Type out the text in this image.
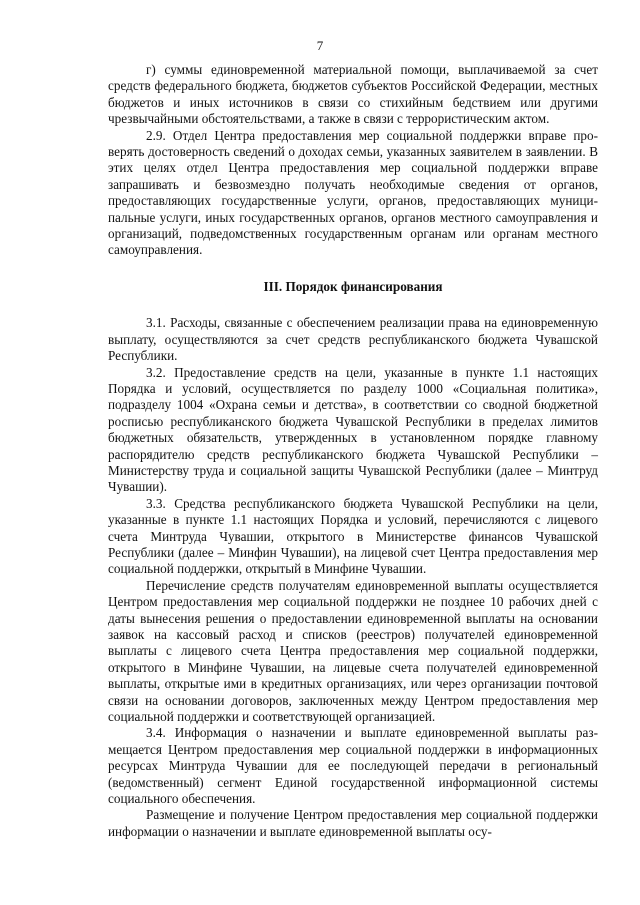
7

г) суммы единовременной материальной помощи, выплачиваемой за счет средств федерального бюджета, бюджетов субъектов Российской Федерации, местных бюджетов и иных источников в связи со стихийным бедствием или другими чрезвычайными обстоятельствами, а также в связи с террористическим актом.

2.9. Отдел Центра предоставления мер социальной поддержки вправе проверять достоверность сведений о доходах семьи, указанных заявителем в заявлении. В этих целях отдел Центра предоставления мер социальной поддержки вправе запрашивать и безвозмездно получать необходимые сведения от органов, предоставляющих государственные услуги, органов, предоставляющих муниципальные услуги, иных государственных органов, органов местного самоуправления и организаций, подведомственных государственным органам или органам местного самоуправления.

III. Порядок финансирования

3.1. Расходы, связанные с обеспечением реализации права на единовременную выплату, осуществляются за счет средств республиканского бюджета Чувашской Республики.

3.2. Предоставление средств на цели, указанные в пункте 1.1 настоящих Порядка и условий, осуществляется по разделу 1000 «Социальная политика», подразделу 1004 «Охрана семьи и детства», в соответствии со сводной бюджетной росписью республиканского бюджета Чувашской Республики в пределах лимитов бюджетных обязательств, утвержденных в установленном порядке главному распорядителю средств республиканского бюджета Чувашской Республики – Министерству труда и социальной защиты Чувашской Республики (далее – Минтруд Чувашии).

3.3. Средства республиканского бюджета Чувашской Республики на цели, указанные в пункте 1.1 настоящих Порядка и условий, перечисляются с лицевого счета Минтруда Чувашии, открытого в Министерстве финансов Чувашской Республики (далее – Минфин Чувашии), на лицевой счет Центра предоставления мер социальной поддержки, открытый в Минфине Чувашии.

Перечисление средств получателям единовременной выплаты осуществляется Центром предоставления мер социальной поддержки не позднее 10 рабочих дней с даты вынесения решения о предоставлении единовременной выплаты на основании заявок на кассовый расход и списков (реестров) получателей единовременной выплаты с лицевого счета Центра предоставления мер социальной поддержки, открытого в Минфине Чувашии, на лицевые счета получателей единовременной выплаты, открытые ими в кредитных организациях, или через организации почтовой связи на основании договоров, заключенных между Центром предоставления мер социальной поддержки и соответствующей организацией.

3.4. Информация о назначении и выплате единовременной выплаты размещается Центром предоставления мер социальной поддержки в информационных ресурсах Минтруда Чувашии для ее последующей передачи в региональный (ведомственный) сегмент Единой государственной информационной системы социального обеспечения.

Размещение и получение Центром предоставления мер социальной поддержки информации о назначении и выплате единовременной выплаты осу-
